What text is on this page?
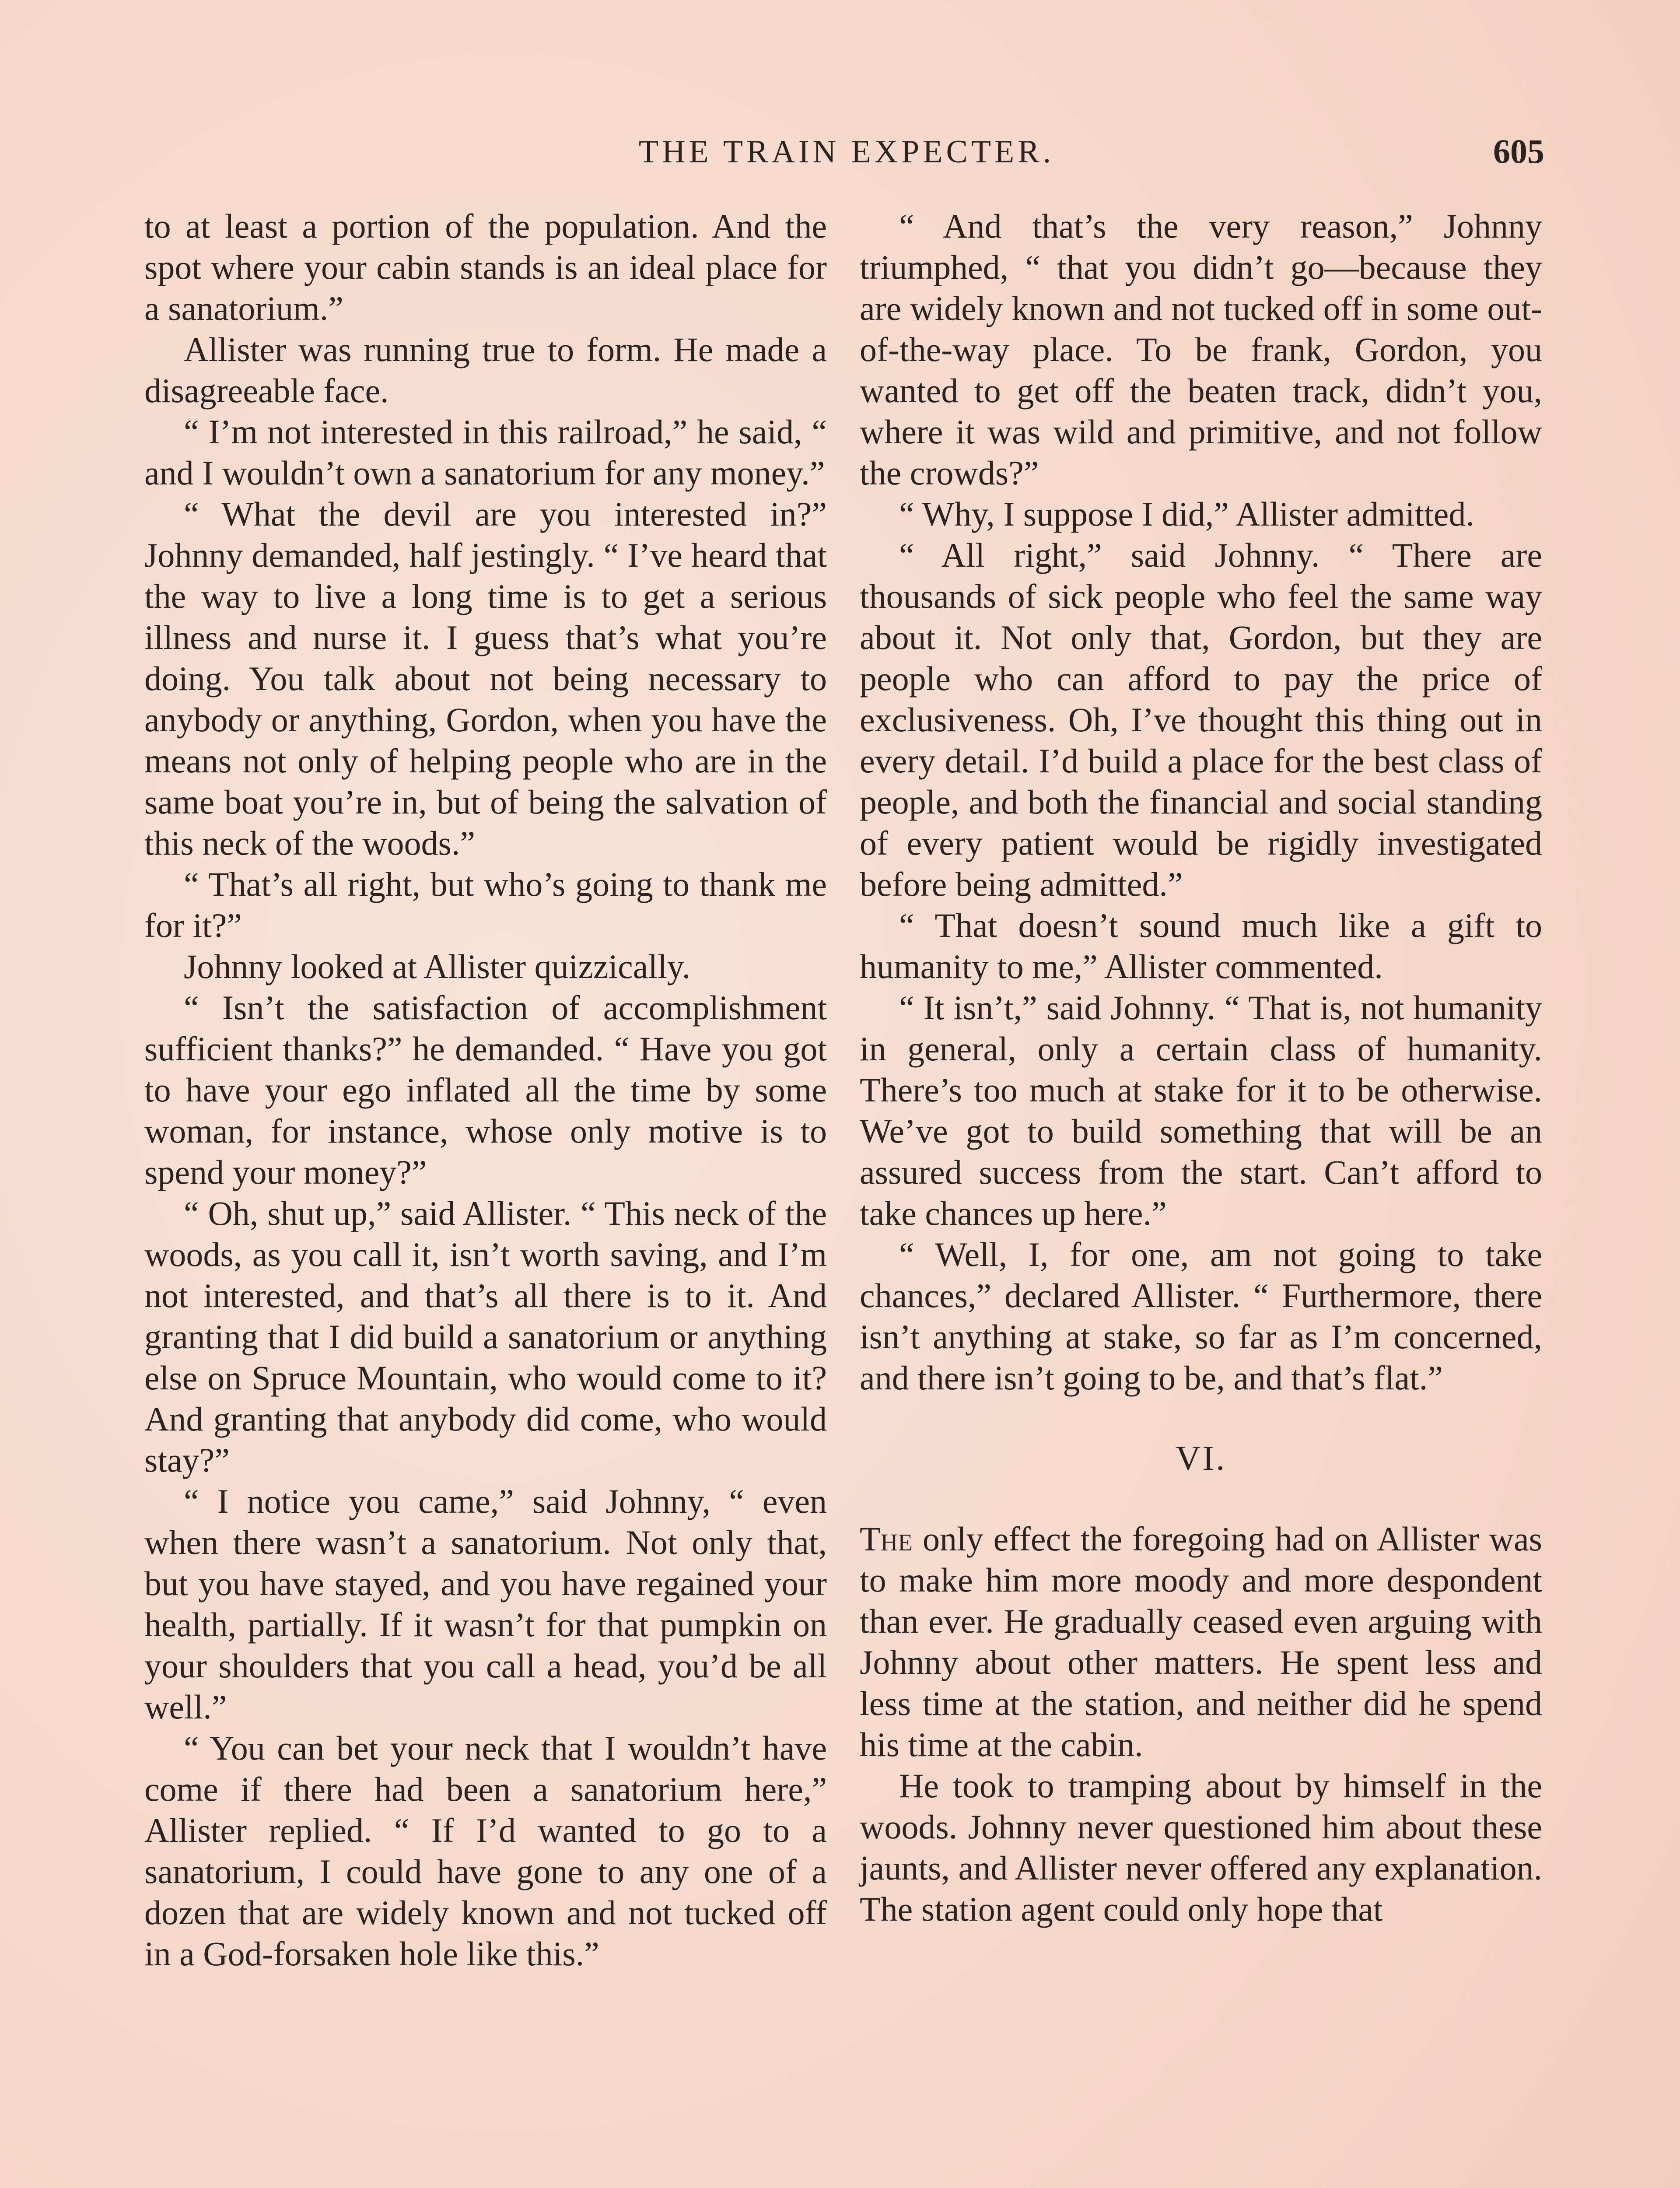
THE TRAIN EXPECTER.	605

to at least a portion of the population. And the spot where your cabin stands is an ideal place for a sanatorium.”

Allister was running true to form. He made a disagreeable face.

“ I’m not interested in this railroad,” he said, “ and I wouldn’t own a sanatorium for any money.”

“ What the devil are you interested in?” Johnny demanded, half jestingly. “ I’ve heard that the way to live a long time is to get a serious illness and nurse it. I guess that’s what you’re doing. You talk about not being necessary to anybody or anything, Gordon, when you have the means not only of helping people who are in the same boat you’re in, but of being the salvation of this neck of the woods.”

“ That’s all right, but who’s going to thank me for it?”

Johnny looked at Allister quizzically.

“ Isn’t the satisfaction of accomplishment sufficient thanks?” he demanded. “ Have you got to have your ego inflated all the time by some woman, for instance, whose only motive is to spend your money?”

“ Oh, shut up,” said Allister. “ This neck of the woods, as you call it, isn’t worth saving, and I’m not interested, and that’s all there is to it. And granting that I did build a sanatorium or anything else on Spruce Mountain, who would come to it? And granting that anybody did come, who would stay?”

“ I notice you came,” said Johnny, “ even when there wasn’t a sanatorium. Not only that, but you have stayed, and you have regained your health, partially. If it wasn’t for that pumpkin on your shoulders that you call a head, you’d be all well.”

“ You can bet your neck that I wouldn’t have come if there had been a sanatorium here,” Allister replied. “ If I’d wanted to go to a sanatorium, I could have gone to any one of a dozen that are widely known and not tucked off in a God-forsaken hole like this.”

“ And that’s the very reason,” Johnny triumphed, “ that you didn’t go—because they are widely known and not tucked off in some out-of-the-way place. To be frank, Gordon, you wanted to get off the beaten track, didn’t you, where it was wild and primitive, and not follow the crowds?”

“ Why, I suppose I did,” Allister admitted.

“ All right,” said Johnny. “ There are thousands of sick people who feel the same way about it. Not only that, Gordon, but they are people who can afford to pay the price of exclusiveness. Oh, I’ve thought this thing out in every detail. I’d build a place for the best class of people, and both the financial and social standing of every patient would be rigidly investigated before being admitted.”

“ That doesn’t sound much like a gift to humanity to me,” Allister commented.

“ It isn’t,” said Johnny. “ That is, not humanity in general, only a certain class of humanity. There’s too much at stake for it to be otherwise. We’ve got to build something that will be an assured success from the start. Can’t afford to take chances up here.”

“ Well, I, for one, am not going to take chances,” declared Allister. “ Furthermore, there isn’t anything at stake, so far as I’m concerned, and there isn’t going to be, and that’s flat.”

VI.

The only effect the foregoing had on Allister was to make him more moody and more despondent than ever. He gradually ceased even arguing with Johnny about other matters. He spent less and less time at the station, and neither did he spend his time at the cabin.

He took to tramping about by himself in the woods. Johnny never questioned him about these jaunts, and Allister never offered any explanation. The station agent could only hope that
